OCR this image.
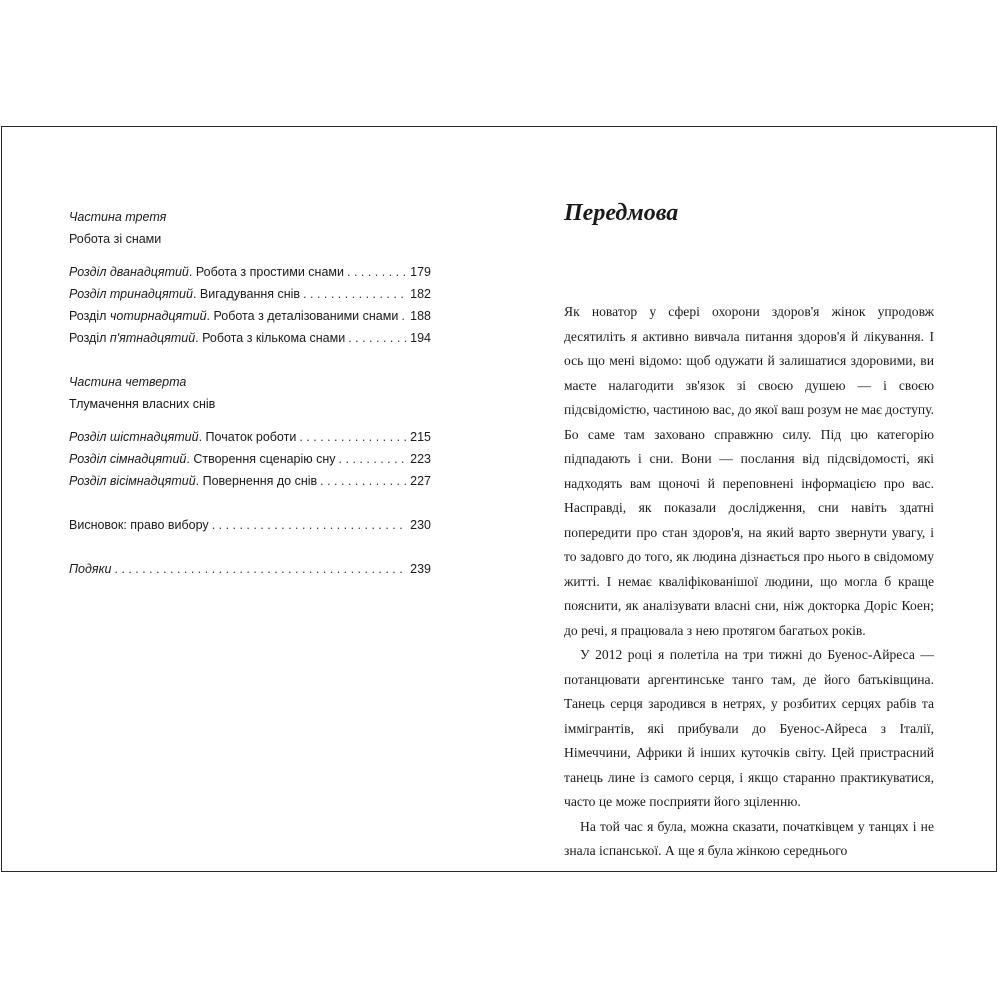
Частина третя
Робота зі снами
Розділ дванадцятий. Робота з простими снами . . .	179
Розділ тринадцятий. Вигадування снів . . .	182
Розділ чотирнадцятий. Робота з деталізованими снами . . . 188
Розділ п'ятнадцятий. Робота з кількома снами . . .	194
Частина четверта
Тлумачення власних снів
Розділ шістнадцятий. Початок роботи . . .	215
Розділ сімнадцятий. Створення сценарію сну . . .	223
Розділ вісімнадцятий. Повернення до снів . . .	227
Висновок: право вибору . . .	230
Подяки . . .	239
Передмова

Як новатор у сфері охорони здоров'я жінок упродовж десятиліть я активно вивчала питання здоров'я й лікування. І ось що мені відомо: щоб одужати й залишатися здоровими, ви маєте налагодити зв'язок зі своєю душею — і своєю підсвідомістю, частиною вас, до якої ваш розум не має доступу. Бо саме там заховано справжню силу. Під цю категорію підпадають і сни. Вони — послання від підсвідомості, які надходять вам щоночі й переповнені інформацією про вас. Насправді, як показали дослідження, сни навіть здатні попередити про стан здоров'я, на який варто звернути увагу, і то задовго до того, як людина дізнається про нього в свідомому житті. І немає кваліфікованішої людини, що могла б краще пояснити, як аналізувати власні сни, ніж докторка Доріс Коен; до речі, я працювала з нею протягом багатьох років.

У 2012 році я полетіла на три тижні до Буенос-Айреса — потанцювати аргентинське танго там, де його батьківщина. Танець серця зародився в нетрях, у розбитих серцях рабів та іммігрантів, які прибували до Буенос-Айреса з Італії, Німеччини, Африки й інших куточків світу. Цей пристрасний танець лине із самого серця, і якщо старанно практикуватися, часто це може посприяти його зціленню.

На той час я була, можна сказати, початківцем у танцях і не знала іспанської. А ще я була жінкою середнього
